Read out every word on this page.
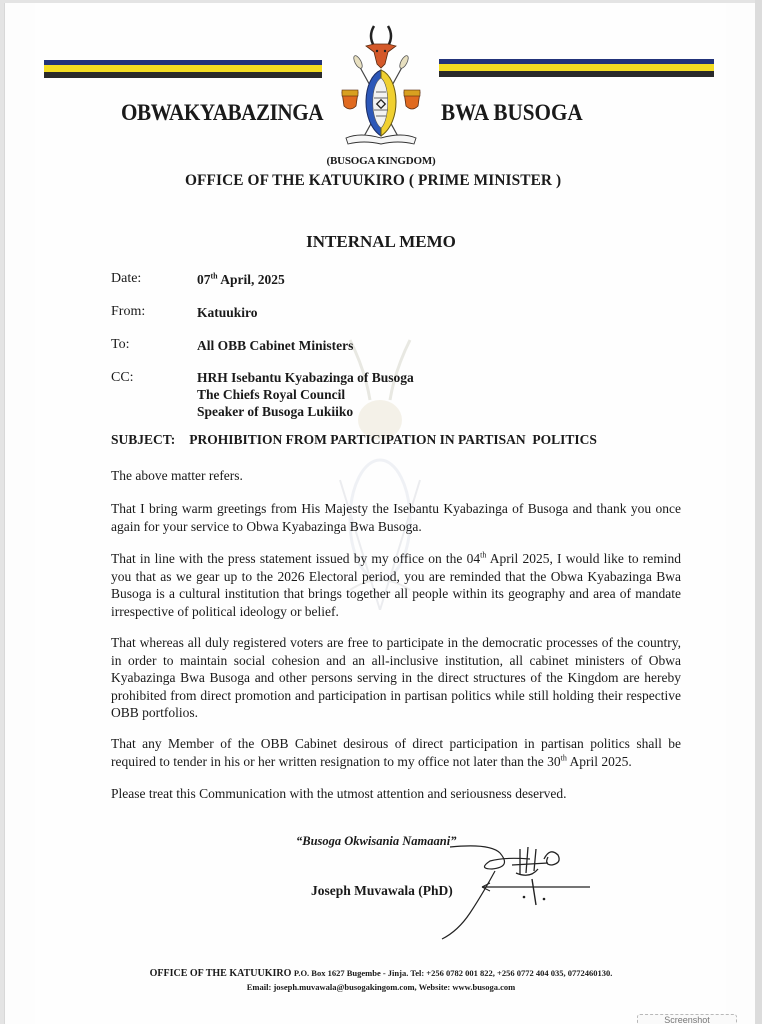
OBWAKYABAZINGA	BWA BUSOGA
(BUSOGA KINGDOM)
OFFICE OF THE KATUUKIRO ( PRIME MINISTER )
INTERNAL MEMO
Date:	07th April, 2025
From:	Katuukiro
To:	All OBB Cabinet Ministers
CC:	HRH Isebantu Kyabazinga of Busoga
The Chiefs Royal Council
Speaker of Busoga Lukiiko
SUBJECT: PROHIBITION FROM PARTICIPATION IN PARTISAN  POLITICS
The above matter refers.
That I bring warm greetings from His Majesty the Isebantu Kyabazinga of Busoga and thank you once again for your service to Obwa Kyabazinga Bwa Busoga.
That in line with the press statement issued by my office on the 04th April 2025, I would like to remind you that as we gear up to the 2026 Electoral period, you are reminded that the Obwa Kyabazinga Bwa Busoga is a cultural institution that brings together all people within its geography and area of mandate irrespective of political ideology or belief.
That whereas all duly registered voters are free to participate in the democratic processes of the country, in order to maintain social cohesion and an all-inclusive institution, all cabinet ministers of Obwa Kyabazinga Bwa Busoga and other persons serving in the direct structures of the Kingdom are hereby prohibited from direct promotion and participation in partisan politics while still holding their respective OBB portfolios.
That any Member of the OBB Cabinet desirous of direct participation in partisan politics shall be required to tender in his or her written resignation to my office not later than the 30th April 2025.
Please treat this Communication with the utmost attention and seriousness deserved.
“Busoga Okwisania Namaani”
Joseph Muvawala (PhD)
OFFICE OF THE KATUUKIRO P.O. Box 1627 Bugembe - Jinja. Tel: +256 0782 001 822, +256 0772 404 035, 0772460130.
Email: joseph.muvawala@busogakingom.com, Website: www.busoga.com
Screenshot
